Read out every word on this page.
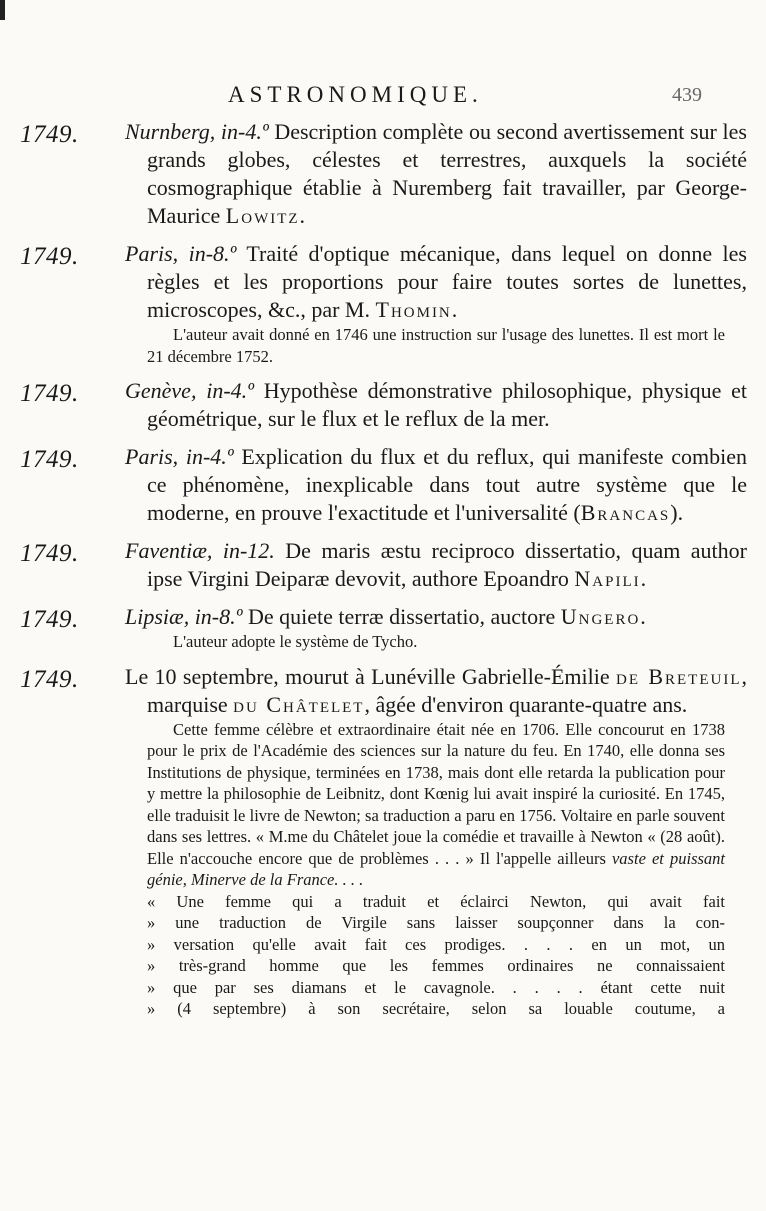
ASTRONOMIQUE.	439
1749. Nurnberg, in-4.º Description complète ou second avertissement sur les grands globes, célestes et terrestres, auxquels la société cosmographique établie à Nuremberg fait travailler, par George-Maurice Lowitz.
1749. Paris, in-8.º Traité d'optique mécanique, dans lequel on donne les règles et les proportions pour faire toutes sortes de lunettes, microscopes, &c., par M. Thomin.
L'auteur avait donné en 1746 une instruction sur l'usage des lunettes. Il est mort le 21 décembre 1752.
1749. Genève, in-4.º Hypothèse démonstrative philosophique, physique et géométrique, sur le flux et le reflux de la mer.
1749. Paris, in-4.º Explication du flux et du reflux, qui manifeste combien ce phénomène, inexplicable dans tout autre système que le moderne, en prouve l'exactitude et l'universalité (Brancas).
1749. Faventiæ, in-12. De maris æstu reciproco dissertatio, quam author ipse Virgini Deiparæ devovit, authore Epoandro Napili.
1749. Lipsiæ, in-8.º De quiete terræ dissertatio, auctore Ungero.
L'auteur adopte le système de Tycho.
1749. Le 10 septembre, mourut à Lunéville Gabrielle-Émilie de Breteuil, marquise du Châtelet, âgée d'environ quarante-quatre ans.
Cette femme célèbre et extraordinaire était née en 1706. Elle concourut en 1738 pour le prix de l'Académie des sciences sur la nature du feu. En 1740, elle donna ses Institutions de physique, terminées en 1738, mais dont elle retarda la publication pour y mettre la philosophie de Leibnitz, dont Kœnig lui avait inspiré la curiosité. En 1745, elle traduisit le livre de Newton; sa traduction a paru en 1756. Voltaire en parle souvent dans ses lettres. « M.me du Châtelet joue la comédie et travaille à Newton « (28 août). Elle n'accouche encore que de problèmes . . . » Il l'appelle ailleurs vaste et puissant génie, Minerve de la France. . . .
« Une femme qui a traduit et éclairci Newton, qui avait fait
» une traduction de Virgile sans laisser soupçonner dans la con-
» versation qu'elle avait fait ces prodiges. . . . en un mot, un
» très-grand homme que les femmes ordinaires ne connaissaient
» que par ses diamans et le cavagnole. . . . . étant cette nuit
» (4 septembre) à son secrétaire, selon sa louable coutume, a
